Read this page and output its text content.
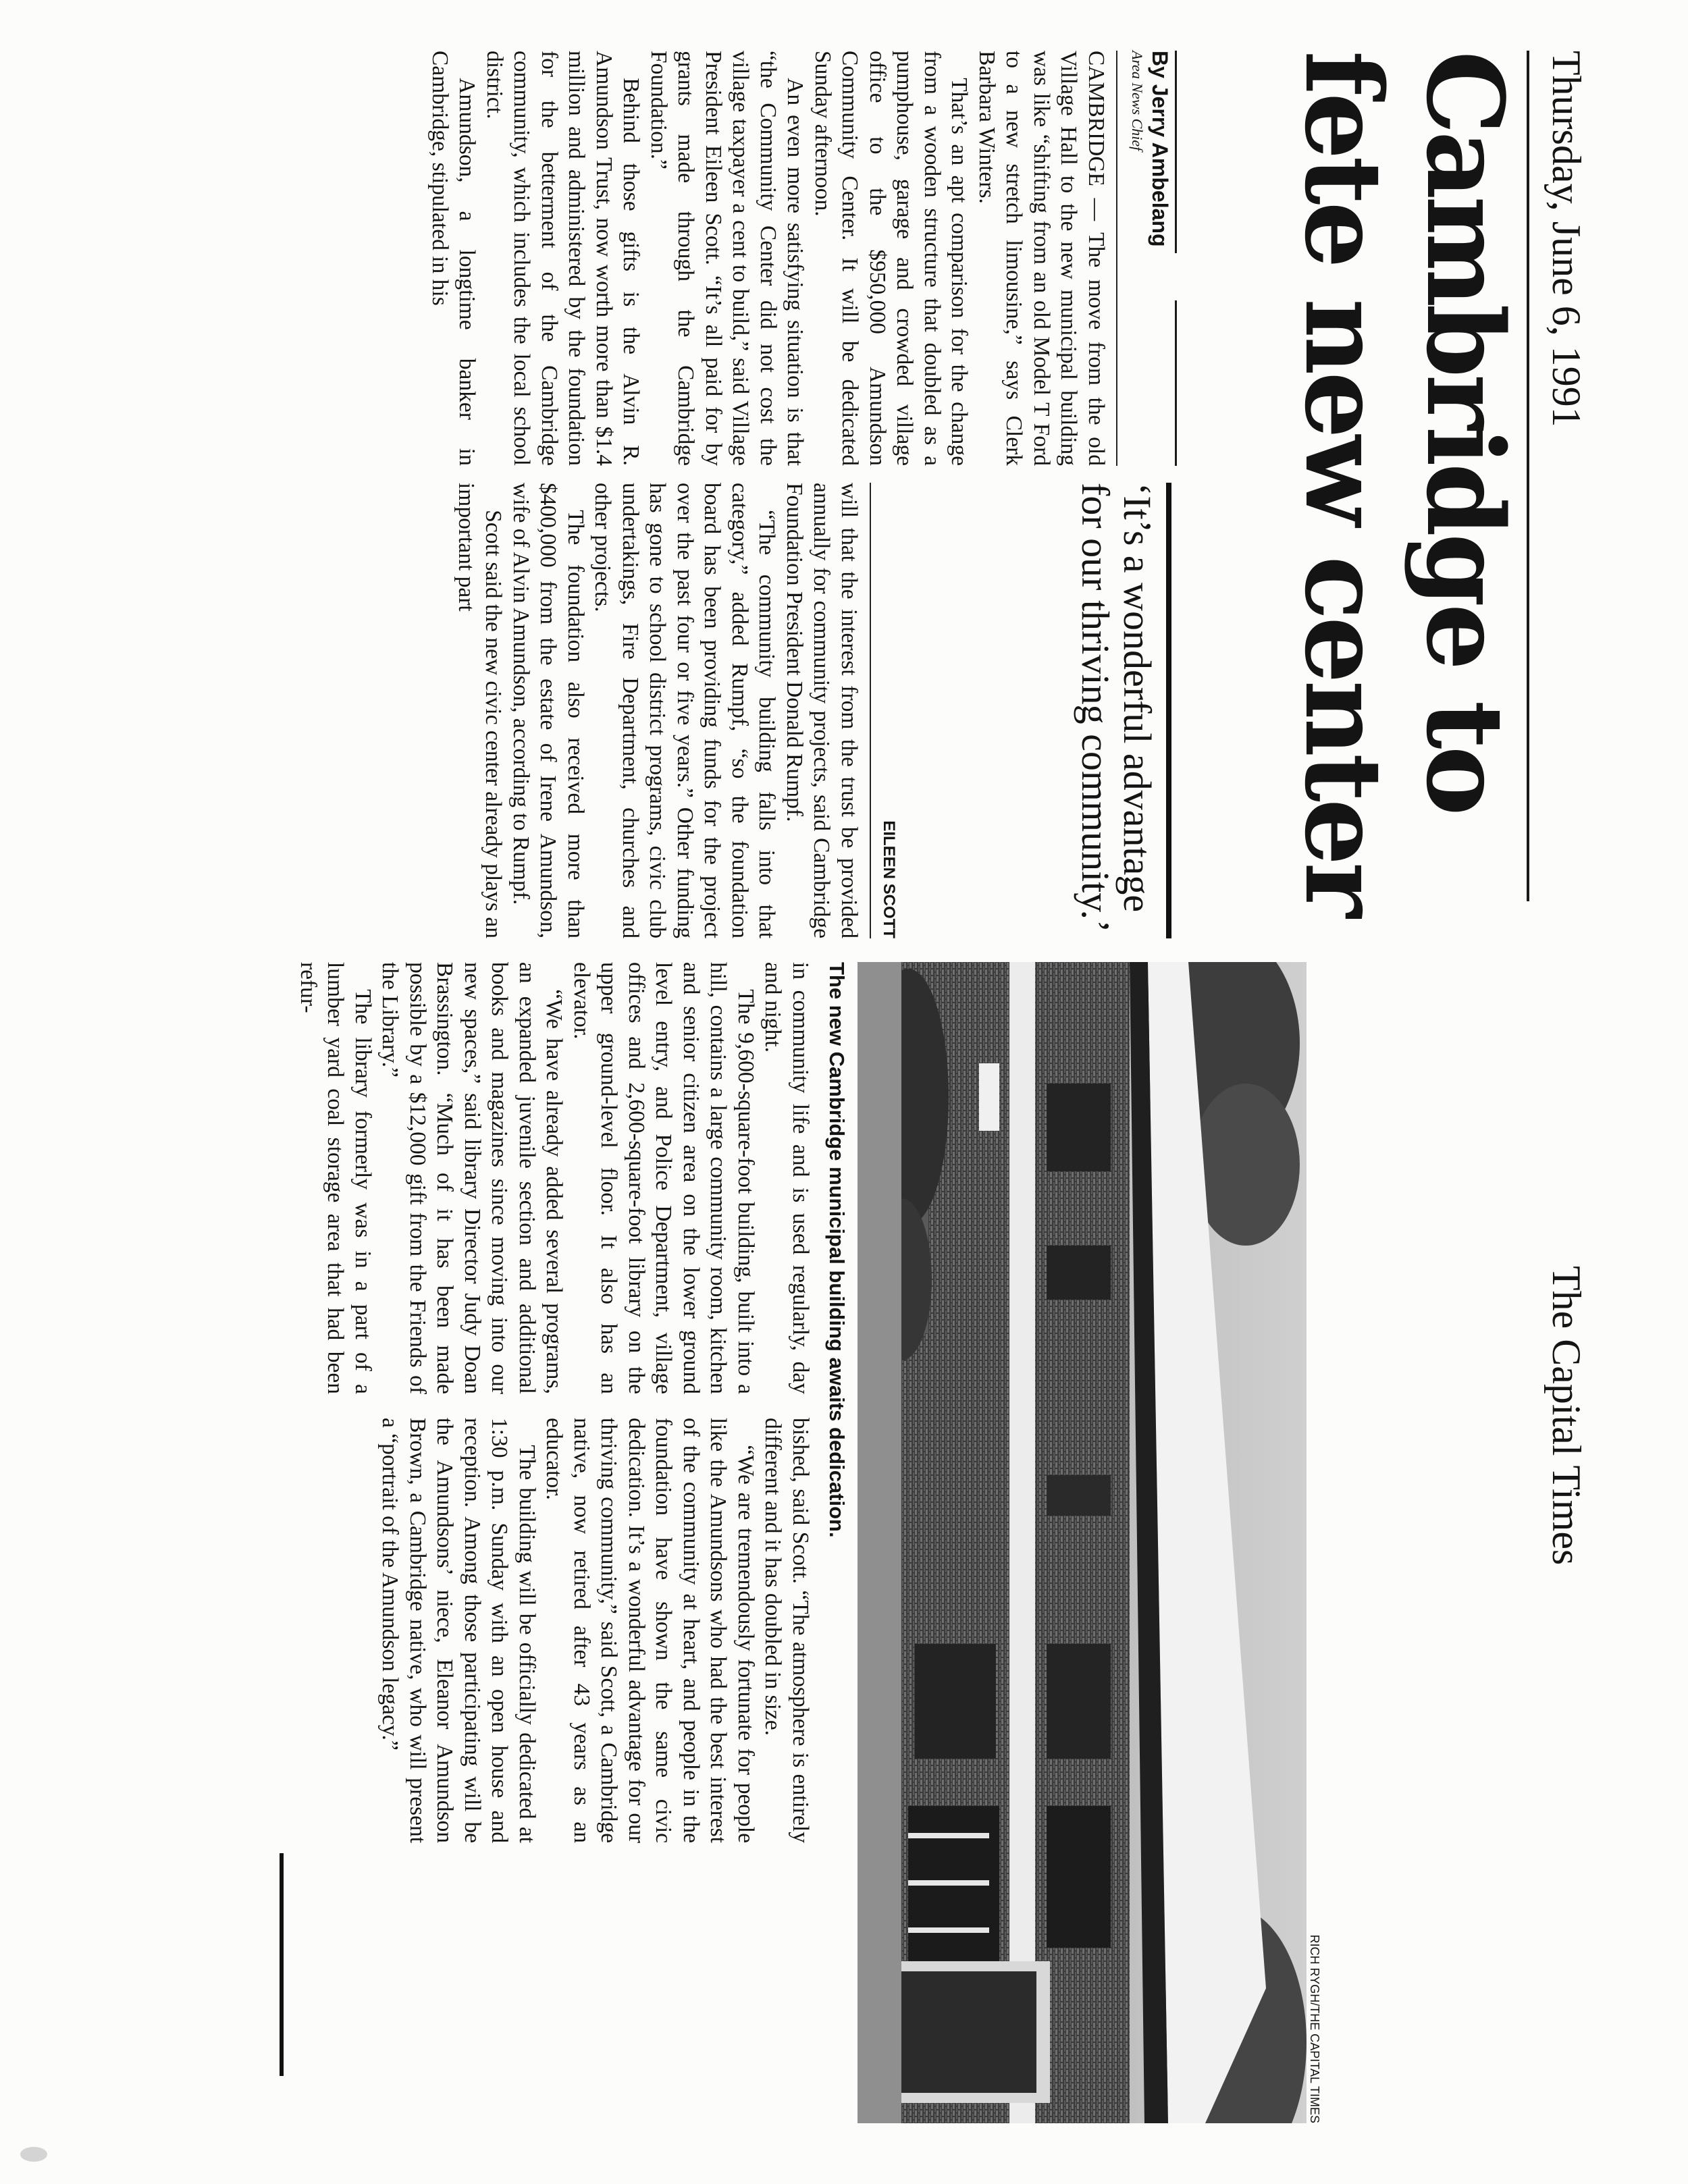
Thursday, June 6, 1991
The Capital Times
Cambridge to
fete new center
By Jerry Ambelang
Area News Chief

CAMBRIDGE — The move from the old Village Hall to the new municipal building was like “shifting from an old Model T Ford to a new stretch limousine,” says Clerk Barbara Winters.

That’s an apt comparison for the change from a wooden structure that doubled as a pumphouse, garage and crowded village office to the $950,000 Amundson Community Center. It will be dedicated Sunday afternoon.

An even more satisfying situation is that “the Community Center did not cost the village taxpayer a cent to build,” said Village President Eileen Scott. “It’s all paid for by grants made through the Cambridge Foundation.”

Behind those gifts is the Alvin R. Amundson Trust, now worth more than $1.4 million and administered by the foundation for the betterment of the Cambridge community, which includes the local school district.

Amundson, a longtime banker in Cambridge, stipulated in his

‘It’s a wonderful advantage for our thriving community.’
EILEEN SCOTT

will that the interest from the trust be provided annually for community projects, said Cambridge Foundation President Donald Rumpf.

“The community building falls into that category,” added Rumpf, “so the foundation board has been providing funds for the project over the past four or five years.” Other funding has gone to school district programs, civic club undertakings, Fire Department, churches and other projects.

The foundation also received more than $400,000 from the estate of Irene Amundson, wife of Alvin Amundson, according to Rumpf.

Scott said the new civic center already plays an important part

RICH RYGH/THE CAPITAL TIMES
The new Cambridge municipal building awaits dedication.

in community life and is used regularly, day and night.

The 9,600-square-foot building, built into a hill, contains a large community room, kitchen and senior citizen area on the lower ground level entry, and Police Department, village offices and 2,600-square-foot library on the upper ground-level floor. It also has an elevator.

“We have already added several programs, an expanded juvenile section and additional books and magazines since moving into our new spaces,” said library Director Judy Doan Brassington. “Much of it has been made possible by a $12,000 gift from the Friends of the Library.”

The library formerly was in a part of a lumber yard coal storage area that had been refur-

bished, said Scott. “The atmosphere is entirely different and it has doubled in size.

“We are tremendously fortunate for people like the Amundsons who had the best interest of the community at heart, and people in the foundation have shown the same civic dedication. It’s a wonderful advantage for our thriving community,” said Scott, a Cambridge native, now retired after 43 years as an educator.

The building will be officially dedicated at 1:30 p.m. Sunday with an open house and reception. Among those participating will be the Amundsons’ niece, Eleanor Amundson Brown, a Cambridge native, who will present a “portrait of the Amundson legacy.”
